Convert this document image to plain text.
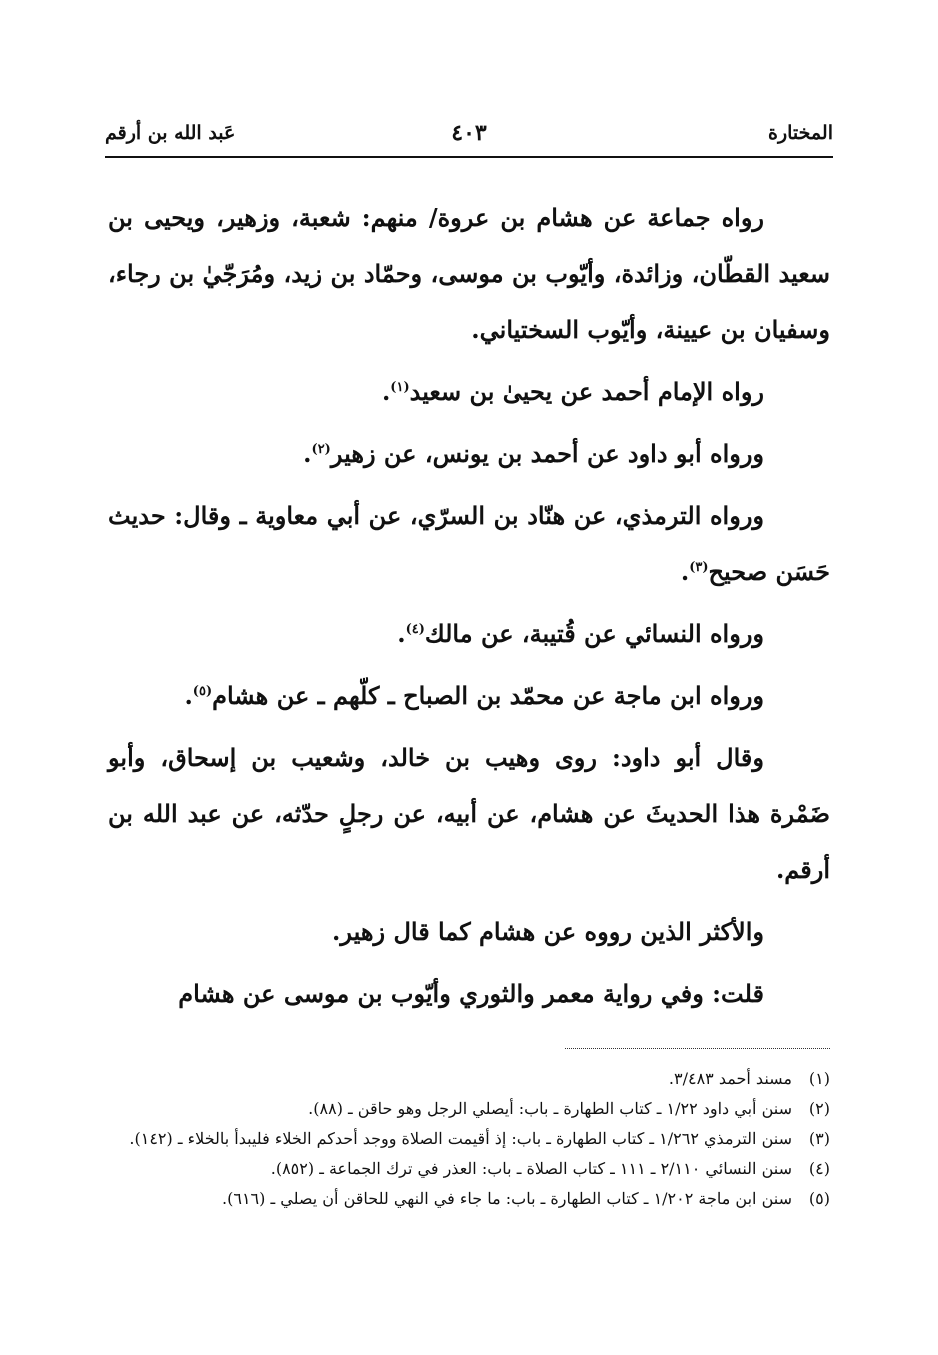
المختارة
٤٠٣
عَبد الله بن أرقم

رواه جماعة عن هشام بن عروة/ منهم: شعبة، وزهير، ويحيى بن سعيد القطّان، وزائدة، وأيّوب بن موسى، وحمّاد بن زيد، ومُرَجّيٰ بن رجاء، وسفيان بن عيينة، وأيّوب السختياني.

رواه الإمام أحمد عن يحيىٰ بن سعيد$^{(١)}$.

ورواه أبو داود عن أحمد بن يونس، عن زهير$^{(٢)}$.

ورواه الترمذي، عن هنّاد بن السرّي، عن أبي معاوية ـ وقال: حديث حَسَن صحيح$^{(٣)}$.

ورواه النسائي عن قُتيبة، عن مالك$^{(٤)}$.

ورواه ابن ماجة عن محمّد بن الصباح ـ كلّهم ـ عن هشام$^{(٥)}$.

وقال أبو داود: روى وهيب بن خالد، وشعيب بن إسحاق، وأبو ضَمْرة هذا الحديثَ عن هشام، عن أبيه، عن رجلٍ حدّثه، عن عبد الله بن أرقم.

والأكثر الذين رووه عن هشام كما قال زهير.

قلت: وفي رواية معمر والثوري وأيّوب بن موسى عن هشام

(١)
مسند أحمد ٣/٤٨٣.
(٢)
سنن أبي داود ١/٢٢ ـ كتاب الطهارة ـ باب: أيصلي الرجل وهو حاقن ـ (٨٨).
(٣)
سنن الترمذي ١/٢٦٢ ـ كتاب الطهارة ـ باب: إذ أقيمت الصلاة ووجد أحدكم الخلاء فليبدأ بالخلاء ـ (١٤٢).
(٤)
سنن النسائي ٢/١١٠ ـ ١١١ ـ كتاب الصلاة ـ باب: العذر في ترك الجماعة ـ (٨٥٢).
(٥)
سنن ابن ماجة ١/٢٠٢ ـ كتاب الطهارة ـ باب: ما جاء في النهي للحاقن أن يصلي ـ (٦١٦).
